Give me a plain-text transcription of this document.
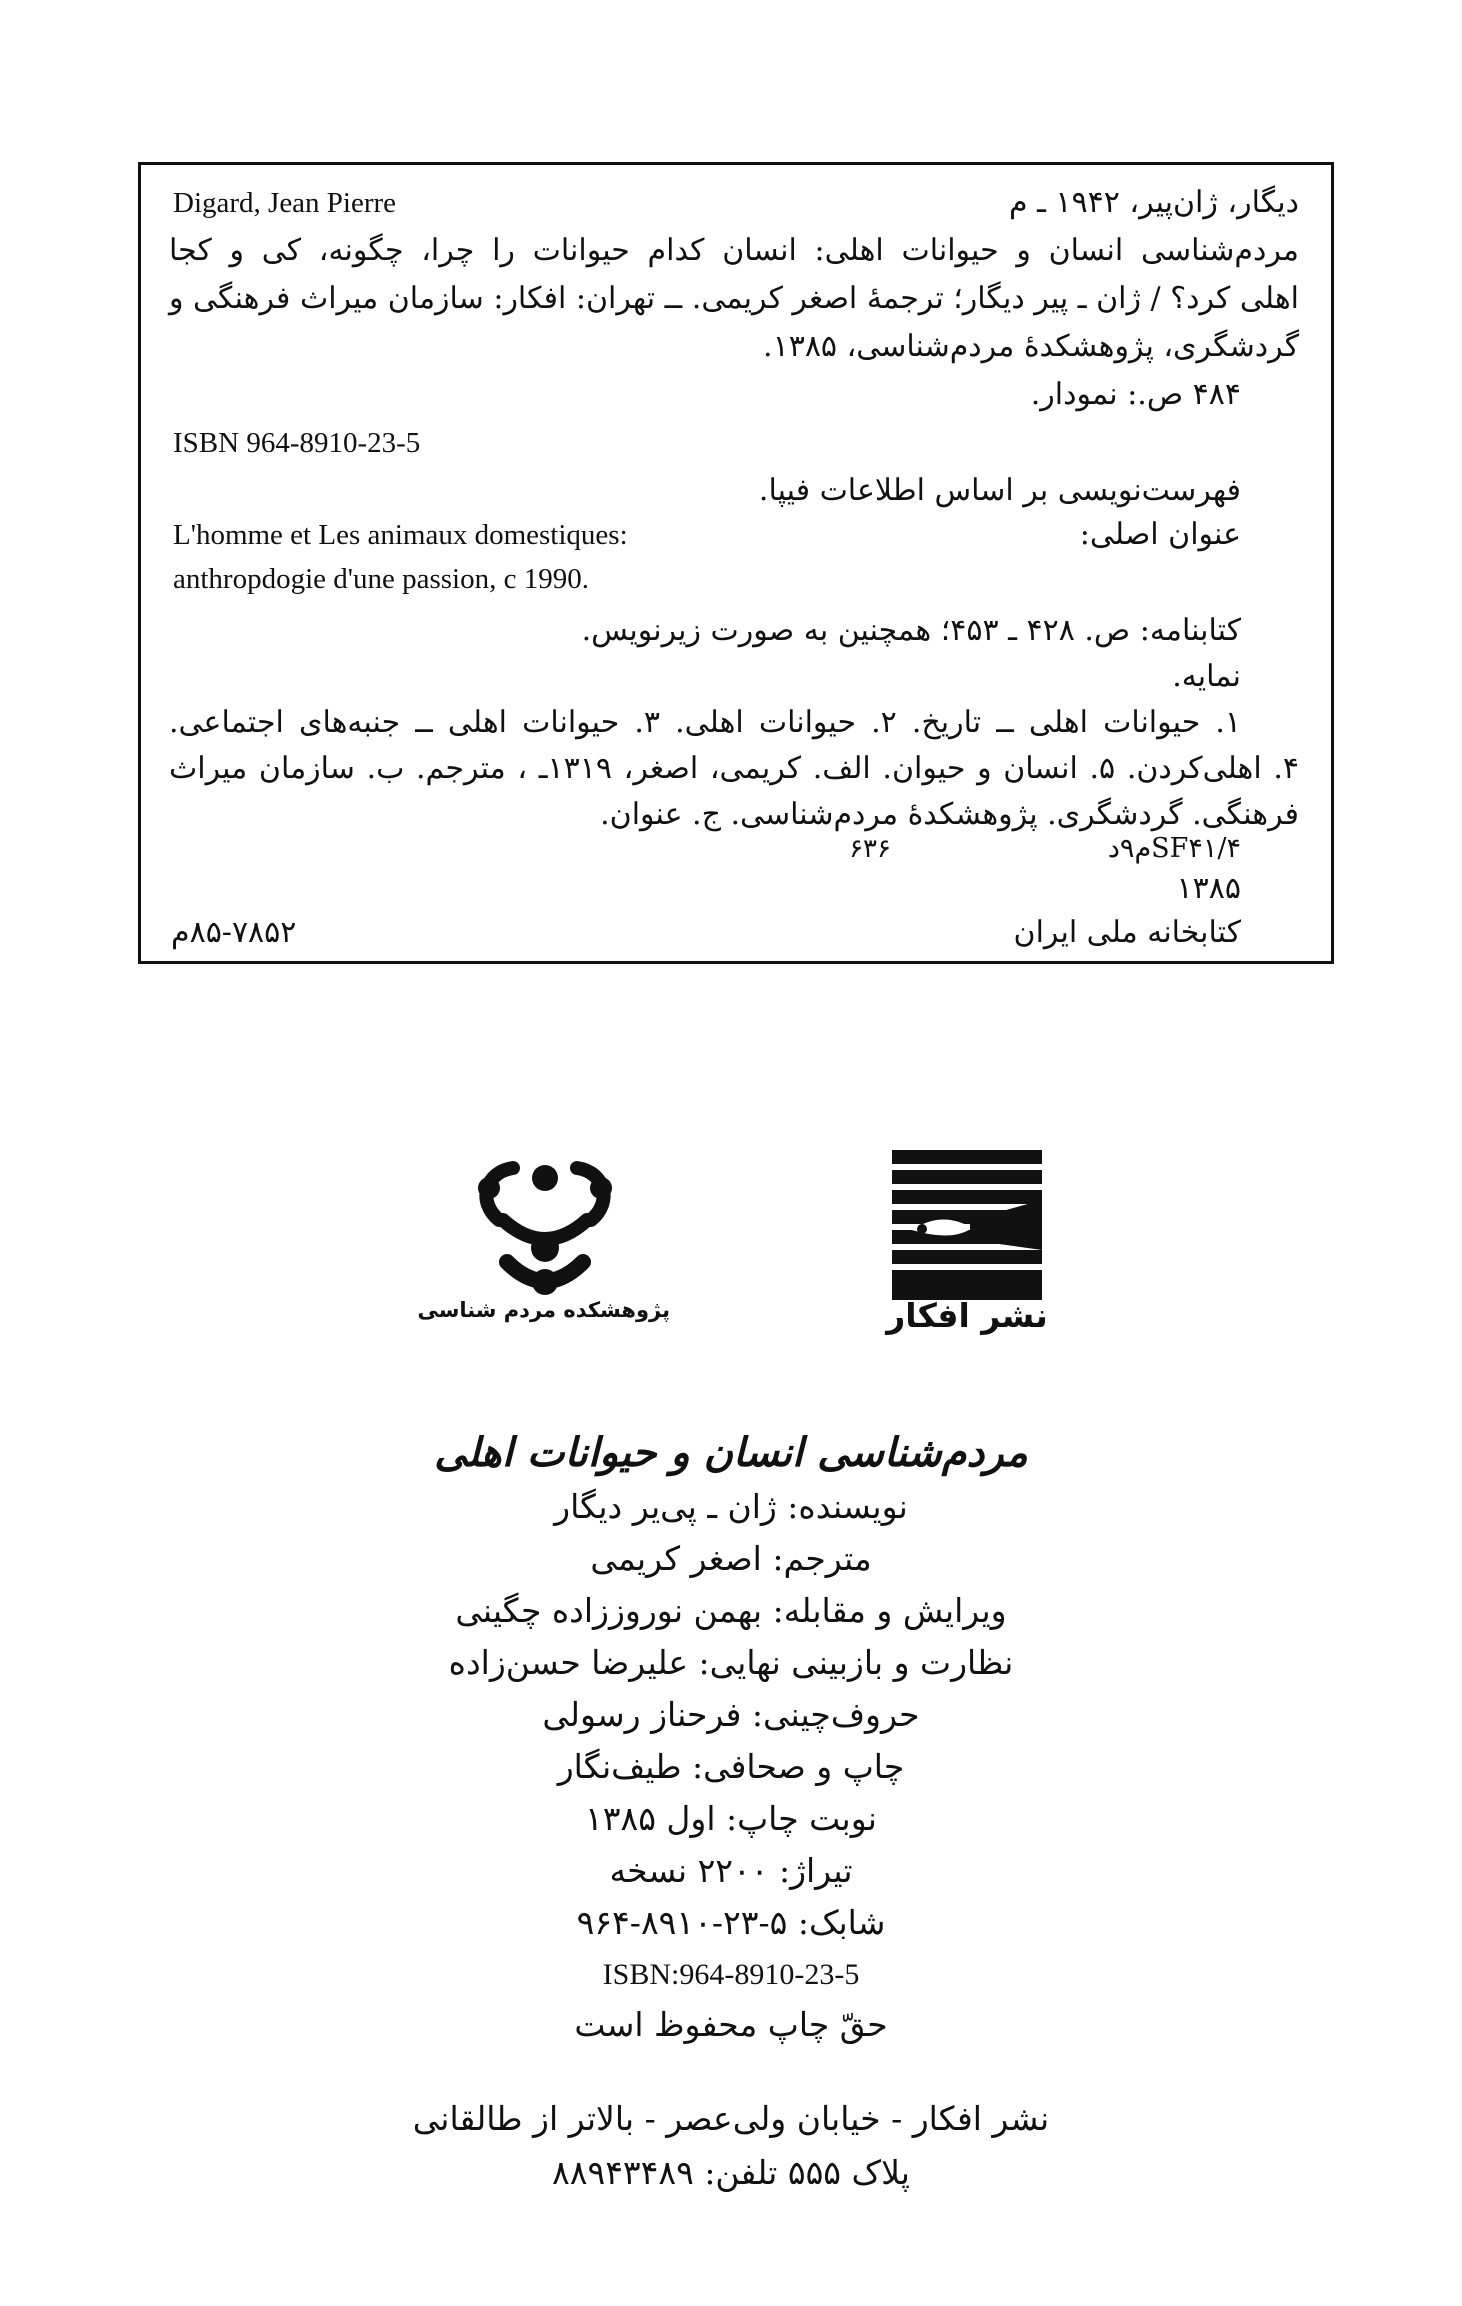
Digard, Jean Pierre	دیگار، ژان‌پیر، ۱۹۴۲ ـ م
مردم‌شناسی انسان و حیوانات اهلی: انسان کدام حیوانات را چرا، چگونه، کی و کجا
اهلی کرد؟ / ژان ـ پیر دیگار؛ ترجمهٔ اصغر کریمی. ــ تهران: افکار: سازمان میراث فرهنگی و
گردشگری، پژوهشکدهٔ مردم‌شناسی، ۱۳۸۵.
۴۸۴ ص.: نمودار.
ISBN 964-8910-23-5
فهرست‌نویسی بر اساس اطلاعات فیپا.
L'homme et Les animaux domestiques:	عنوان اصلی:
anthropdogie d'une passion, c 1990.
کتابنامه: ص. ۴۲۸ ـ ۴۵۳؛ همچنین به صورت زیرنویس.
نمایه.
۱. حیوانات اهلی ــ تاریخ. ۲. حیوانات اهلی. ۳. حیوانات اهلی ــ جنبه‌های اجتماعی.
۴. اهلی‌کردن. ۵. انسان و حیوان. الف. کریمی، اصغر، ۱۳۱۹ـ ، مترجم. ب. سازمان میراث
فرهنگی. گردشگری. پژوهشکدهٔ مردم‌شناسی. ج. عنوان.
SF۴۱/۴م۹د
۶۳۶
۱۳۸۵
کتابخانه ملی ایران
۸۵-۷۸۵۲م
پژوهشکده مردم شناسی	نشر افکار
مردم‌شناسی انسان و حیوانات اهلی
نویسنده: ژان ـ پی‌یر دیگار
مترجم: اصغر کریمی
ویرایش و مقابله: بهمن نوروززاده چگینی
نظارت و بازبینی نهایی: علیرضا حسن‌زاده
حروف‌چینی: فرحناز رسولی
چاپ و صحافی: طیف‌نگار
نوبت چاپ: اول ۱۳۸۵
تیراژ: ۲۲۰۰ نسخه
شابک: ۵-۲۳-۸۹۱۰-۹۶۴
ISBN:964-8910-23-5
حقّ چاپ محفوظ است
نشر افکار - خیابان ولی‌عصر - بالاتر از طالقانی
پلاک ۵۵۵ تلفن: ۸۸۹۴۳۴۸۹
